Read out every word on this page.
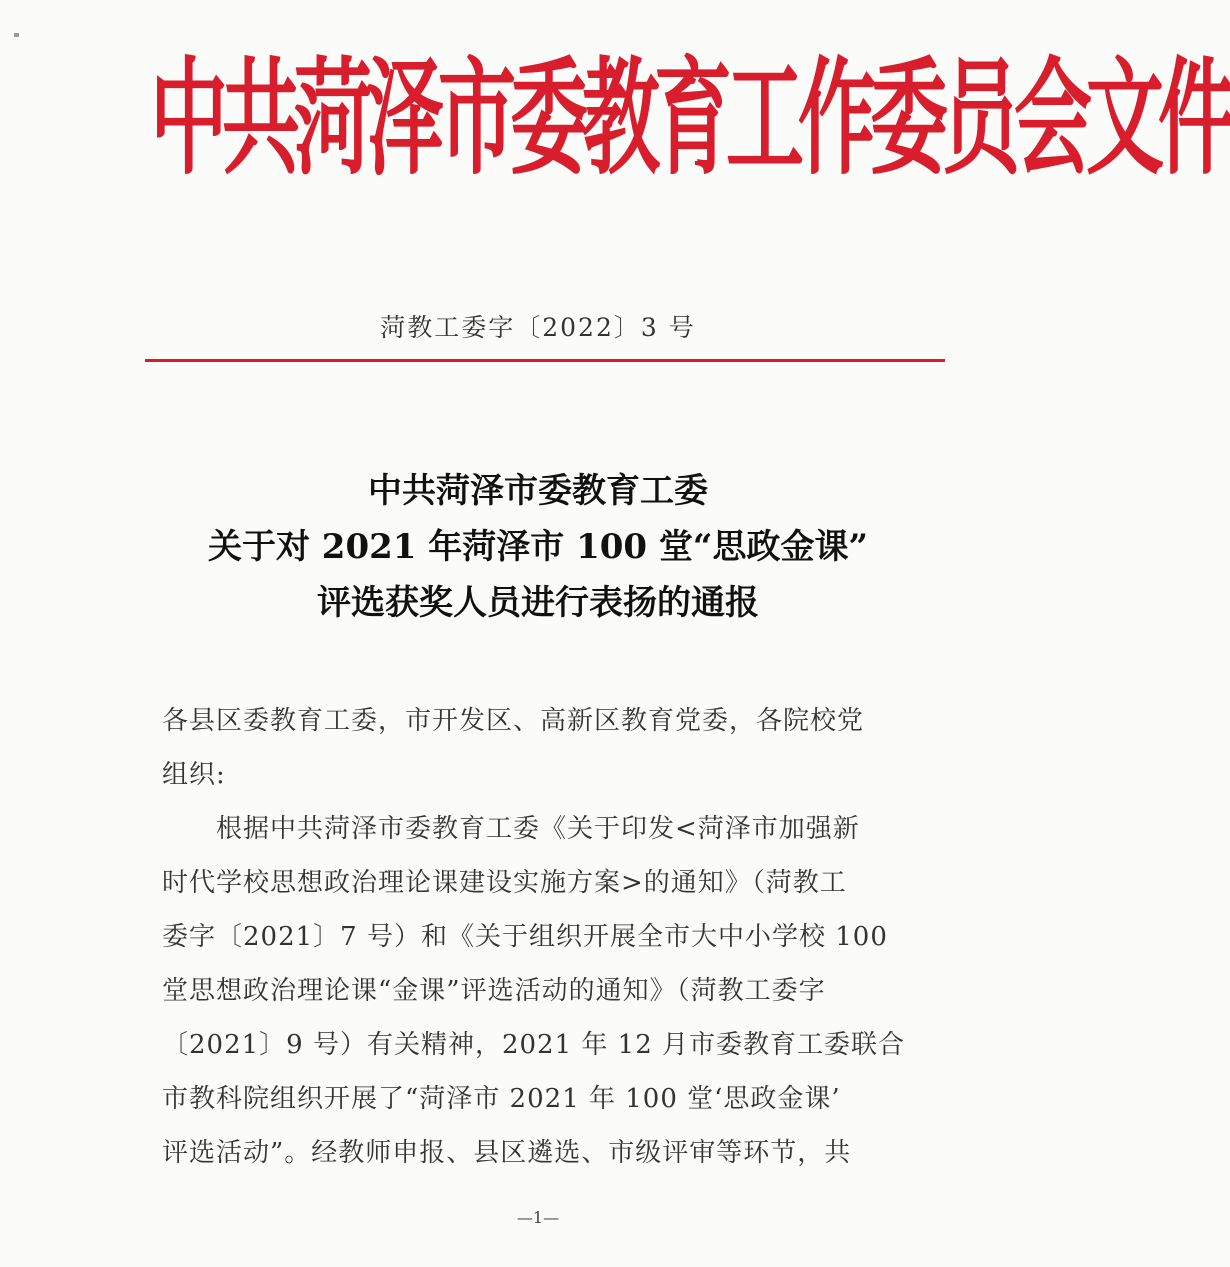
中共菏泽市委教育工作委员会文件
菏教工委字〔2022〕3 号
中共菏泽市委教育工委
关于对 2021 年菏泽市 100 堂“思政金课”
评选获奖人员进行表扬的通报
各县区委教育工委，市开发区、高新区教育党委，各院校党
组织:
　　根据中共菏泽市委教育工委《关于印发<菏泽市加强新
时代学校思想政治理论课建设实施方案>的通知》（菏教工
委字〔2021〕7 号）和《关于组织开展全市大中小学校 100
堂思想政治理论课“金课”评选活动的通知》（菏教工委字
〔2021〕9 号）有关精神，2021 年 12 月市委教育工委联合
市教科院组织开展了“菏泽市 2021 年 100 堂‘思政金课’
评选活动”。经教师申报、县区遴选、市级评审等环节，共
—1—
